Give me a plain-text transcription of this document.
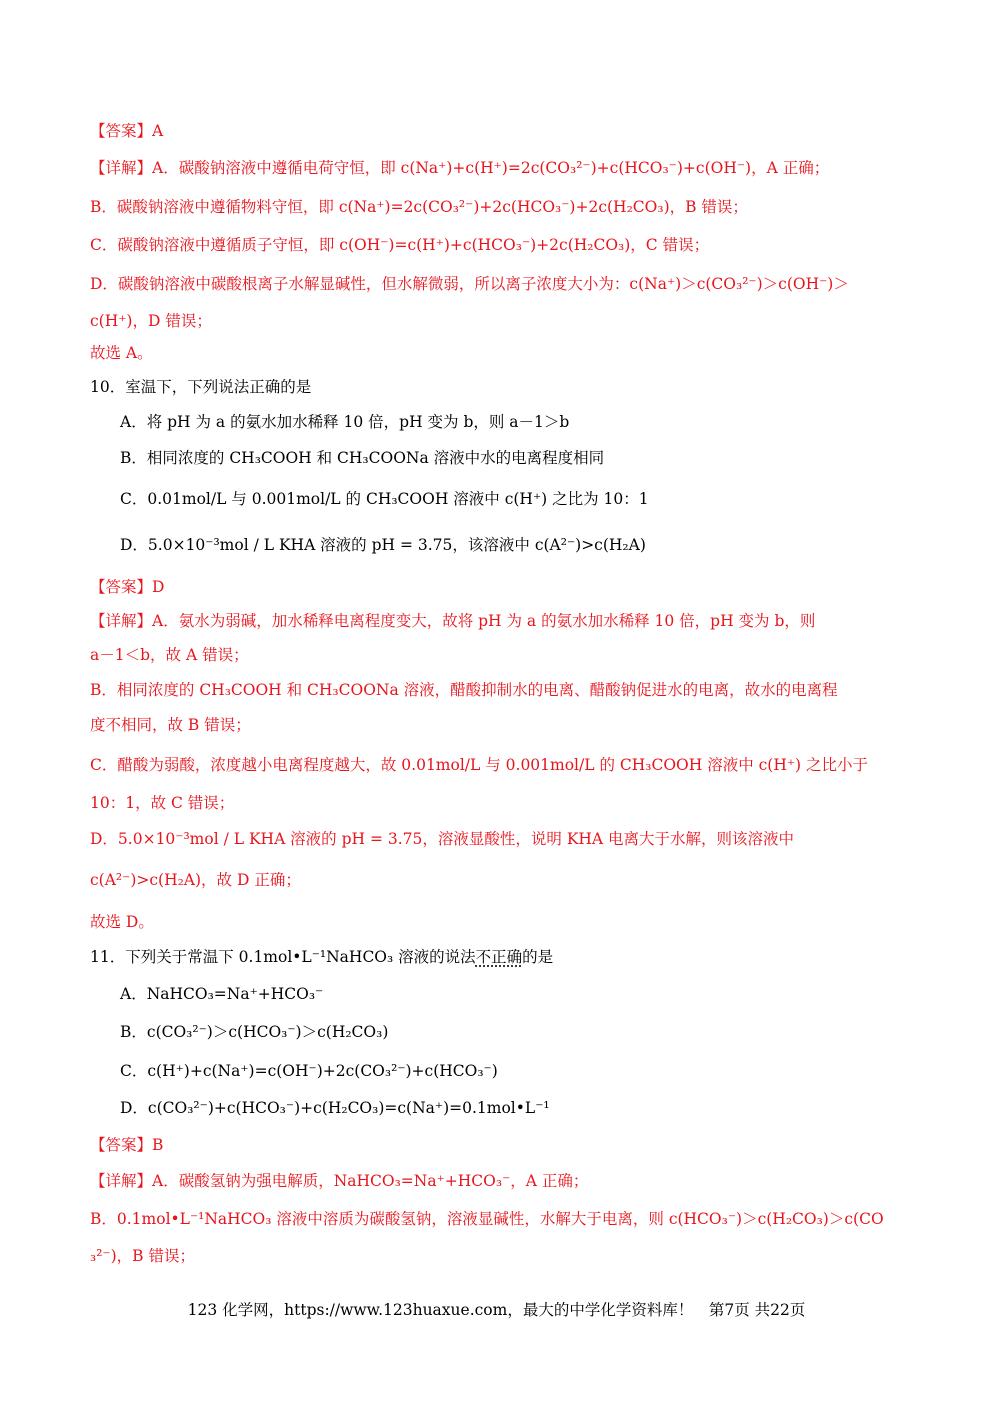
【答案】A
【详解】A．碳酸钠溶液中遵循电荷守恒，即 c(Na⁺)+c(H⁺)=2c(CO₃²⁻)+c(HCO₃⁻)+c(OH⁻)，A 正确；
B．碳酸钠溶液中遵循物料守恒，即 c(Na⁺)=2c(CO₃²⁻)+2c(HCO₃⁻)+2c(H₂CO₃)，B 错误；
C．碳酸钠溶液中遵循质子守恒，即 c(OH⁻)=c(H⁺)+c(HCO₃⁻)+2c(H₂CO₃)，C 错误；
D．碳酸钠溶液中碳酸根离子水解显碱性，但水解微弱，所以离子浓度大小为：c(Na⁺)＞c(CO₃²⁻)＞c(OH⁻)＞
c(H⁺)，D 错误；
故选 A。
10．室温下，下列说法正确的是
A．将 pH 为 a 的氨水加水稀释 10 倍，pH 变为 b，则 a－1＞b
B．相同浓度的 CH₃COOH 和 CH₃COONa 溶液中水的电离程度相同
C．0.01mol/L 与 0.001mol/L 的 CH₃COOH 溶液中 c(H⁺) 之比为 10：1
D．5.0×10⁻³mol / L KHA 溶液的 pH = 3.75，该溶液中 c(A²⁻)>c(H₂A)
【答案】D
【详解】A．氨水为弱碱，加水稀释电离程度变大，故将 pH 为 a 的氨水加水稀释 10 倍，pH 变为 b，则
a－1＜b，故 A 错误；
B．相同浓度的 CH₃COOH 和 CH₃COONa 溶液，醋酸抑制水的电离、醋酸钠促进水的电离，故水的电离程
度不相同，故 B 错误；
C．醋酸为弱酸，浓度越小电离程度越大，故 0.01mol/L 与 0.001mol/L 的 CH₃COOH 溶液中 c(H⁺) 之比小于
10：1，故 C 错误；
D．5.0×10⁻³mol / L KHA 溶液的 pH = 3.75，溶液显酸性，说明 KHA 电离大于水解，则该溶液中
c(A²⁻)>c(H₂A)，故 D 正确；
故选 D。
11．下列关于常温下 0.1mol•L⁻¹NaHCO₃ 溶液的说法不正确的是
A．NaHCO₃=Na⁺+HCO₃⁻
B．c(CO₃²⁻)＞c(HCO₃⁻)＞c(H₂CO₃)
C．c(H⁺)+c(Na⁺)=c(OH⁻)+2c(CO₃²⁻)+c(HCO₃⁻)
D．c(CO₃²⁻)+c(HCO₃⁻)+c(H₂CO₃)=c(Na⁺)=0.1mol•L⁻¹
【答案】B
【详解】A．碳酸氢钠为强电解质，NaHCO₃=Na⁺+HCO₃⁻，A 正确；
B．0.1mol•L⁻¹NaHCO₃ 溶液中溶质为碳酸氢钠，溶液显碱性，水解大于电离，则 c(HCO₃⁻)＞c(H₂CO₃)＞c(CO
₃²⁻)，B 错误；
123 化学网，https://www.123huaxue.com，最大的中学化学资料库！　第7页 共22页
